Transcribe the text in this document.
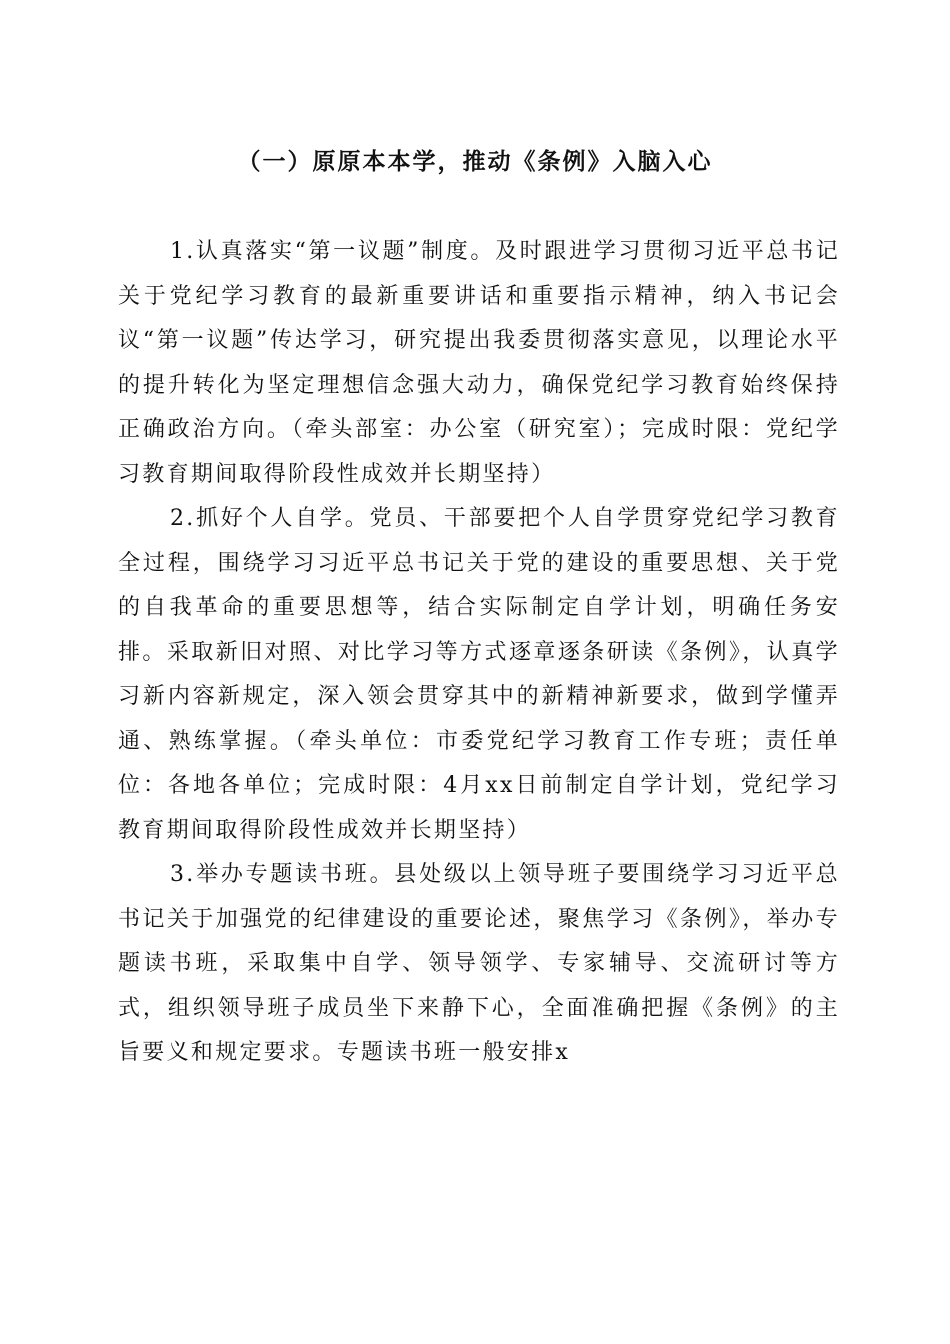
（一）原原本本学，推动《条例》入脑入心

1.认真落实“第一议题”制度。及时跟进学习贯彻习近平总书记关于党纪学习教育的最新重要讲话和重要指示精神，纳入书记会议“第一议题”传达学习，研究提出我委贯彻落实意见，以理论水平的提升转化为坚定理想信念强大动力，确保党纪学习教育始终保持正确政治方向。（牵头部室：办公室（研究室）；完成时限：党纪学习教育期间取得阶段性成效并长期坚持）

2.抓好个人自学。党员、干部要把个人自学贯穿党纪学习教育全过程，围绕学习习近平总书记关于党的建设的重要思想、关于党的自我革命的重要思想等，结合实际制定自学计划，明确任务安排。采取新旧对照、对比学习等方式逐章逐条研读《条例》，认真学习新内容新规定，深入领会贯穿其中的新精神新要求，做到学懂弄通、熟练掌握。（牵头单位：市委党纪学习教育工作专班；责任单位：各地各单位；完成时限：4月xx日前制定自学计划，党纪学习教育期间取得阶段性成效并长期坚持）

3.举办专题读书班。县处级以上领导班子要围绕学习习近平总书记关于加强党的纪律建设的重要论述，聚焦学习《条例》，举办专题读书班，采取集中自学、领导领学、专家辅导、交流研讨等方式，组织领导班子成员坐下来静下心，全面准确把握《条例》的主旨要义和规定要求。专题读书班一般安排x
